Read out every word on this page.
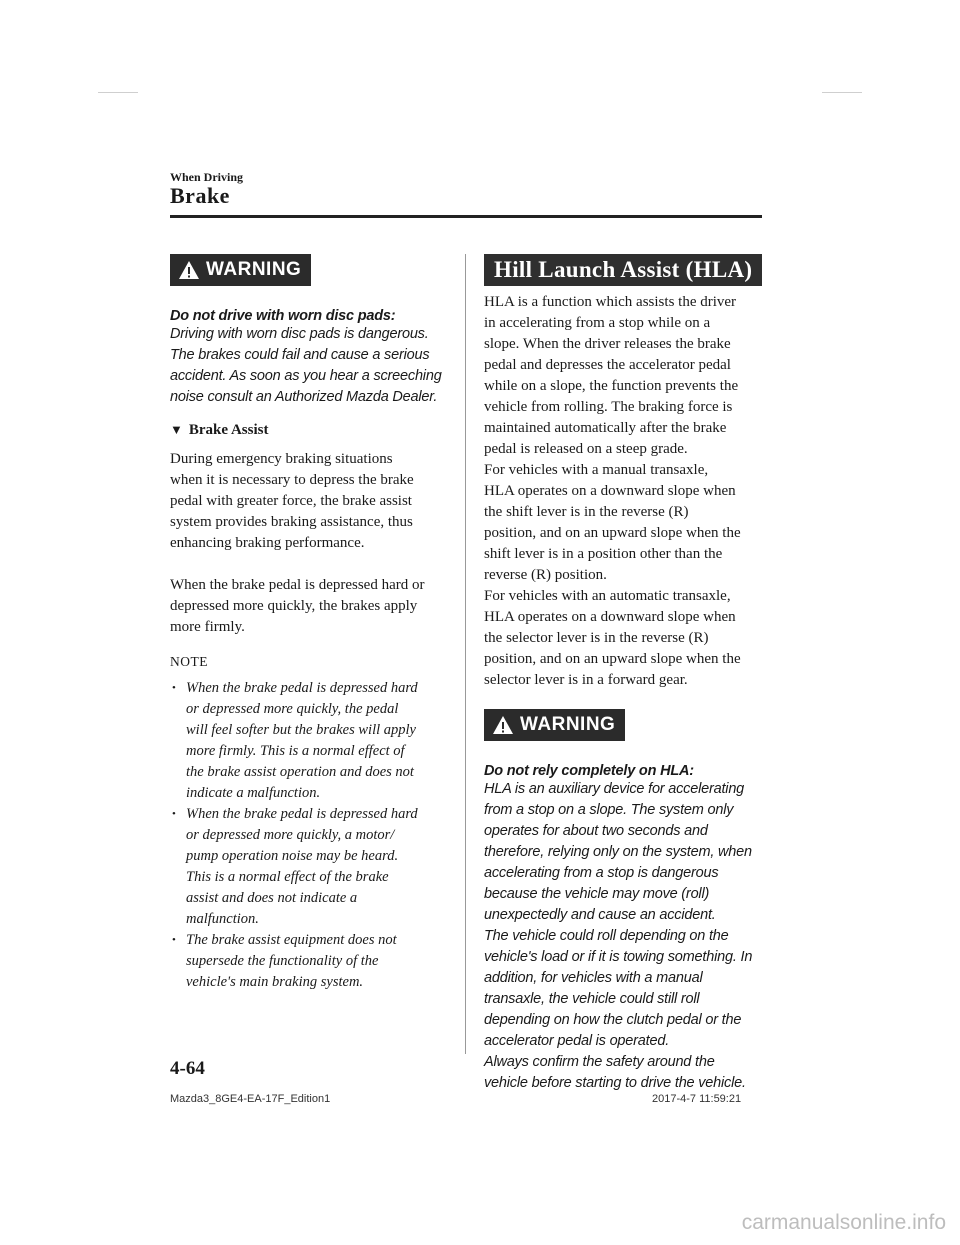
When Driving
Brake
WARNING
Do not drive with worn disc pads:
Driving with worn disc pads is dangerous.
The brakes could fail and cause a serious
accident. As soon as you hear a screeching
noise consult an Authorized Mazda Dealer.
▼ Brake Assist
During emergency braking situations
when it is necessary to depress the brake
pedal with greater force, the brake assist
system provides braking assistance, thus
enhancing braking performance.
When the brake pedal is depressed hard or
depressed more quickly, the brakes apply
more firmly.
NOTE
• When the brake pedal is depressed hard
or depressed more quickly, the pedal
will feel softer but the brakes will apply
more firmly. This is a normal effect of
the brake assist operation and does not
indicate a malfunction.
• When the brake pedal is depressed hard
or depressed more quickly, a motor/
pump operation noise may be heard.
This is a normal effect of the brake
assist and does not indicate a
malfunction.
• The brake assist equipment does not
supersede the functionality of the
vehicle's main braking system.
Hill Launch Assist (HLA)
HLA is a function which assists the driver
in accelerating from a stop while on a
slope. When the driver releases the brake
pedal and depresses the accelerator pedal
while on a slope, the function prevents the
vehicle from rolling. The braking force is
maintained automatically after the brake
pedal is released on a steep grade.
For vehicles with a manual transaxle,
HLA operates on a downward slope when
the shift lever is in the reverse (R)
position, and on an upward slope when the
shift lever is in a position other than the
reverse (R) position.
For vehicles with an automatic transaxle,
HLA operates on a downward slope when
the selector lever is in the reverse (R)
position, and on an upward slope when the
selector lever is in a forward gear.
WARNING
Do not rely completely on HLA:
HLA is an auxiliary device for accelerating
from a stop on a slope. The system only
operates for about two seconds and
therefore, relying only on the system, when
accelerating from a stop is dangerous
because the vehicle may move (roll)
unexpectedly and cause an accident.
The vehicle could roll depending on the
vehicle's load or if it is towing something. In
addition, for vehicles with a manual
transaxle, the vehicle could still roll
depending on how the clutch pedal or the
accelerator pedal is operated.
Always confirm the safety around the
vehicle before starting to drive the vehicle.
4-64
Mazda3_8GE4-EA-17F_Edition1	2017-4-7 11:59:21
carmanualsonline.info
